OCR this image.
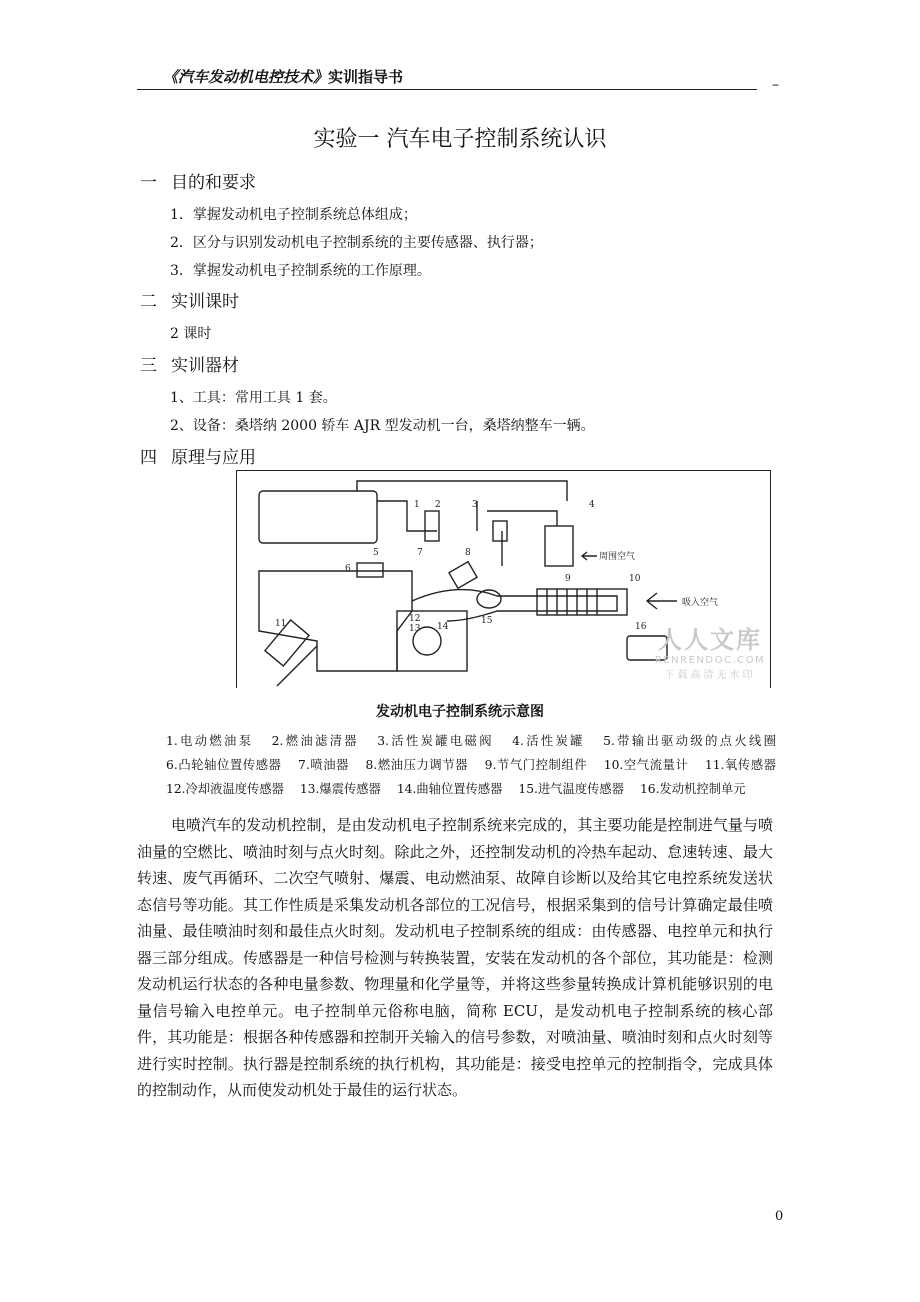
《汽车发动机电控技术》实训指导书	–
实验一 汽车电子控制系统认识
一 目的和要求
1．掌握发动机电子控制系统总体组成；
2．区分与识别发动机电子控制系统的主要传感器、执行器；
3．掌握发动机电子控制系统的工作原理。
二 实训课时
2 课时
三 实训器材
1、工具：常用工具 1 套。
2、设备：桑塔纳 2000 轿车 AJR 型发动机一台，桑塔纳整车一辆。
四 原理与应用
1 2	3	4
5
6
7	8
9	10
11	12
13 14
15
16
周围空气
吸入空气
人人文库
RENRENDOC.COM
下载高清无水印
发动机电子控制系统示意图
1.电动燃油泵 2.燃油滤清器 3.活性炭罐电磁阀 4.活性炭罐 5.带输出驱动级的点火线圈 6.凸轮轴位置传感器 7.喷油器 8.燃油压力调节器 9.节气门控制组件 10.空气流量计 11.氧传感器 12.冷却液温度传感器 13.爆震传感器 14.曲轴位置传感器 15.进气温度传感器 16.发动机控制单元
电喷汽车的发动机控制，是由发动机电子控制系统来完成的，其主要功能是控制进气量与喷油量的空燃比、喷油时刻与点火时刻。除此之外，还控制发动机的冷热车起动、怠速转速、最大转速、废气再循环、二次空气喷射、爆震、电动燃油泵、故障自诊断以及给其它电控系统发送状态信号等功能。其工作性质是采集发动机各部位的工况信号，根据采集到的信号计算确定最佳喷油量、最佳喷油时刻和最佳点火时刻。发动机电子控制系统的组成：由传感器、电控单元和执行器三部分组成。传感器是一种信号检测与转换装置，安装在发动机的各个部位，其功能是：检测发动机运行状态的各种电量参数、物理量和化学量等，并将这些参量转换成计算机能够识别的电量信号输入电控单元。电子控制单元俗称电脑，简称 ECU，是发动机电子控制系统的核心部件，其功能是：根据各种传感器和控制开关输入的信号参数，对喷油量、喷油时刻和点火时刻等进行实时控制。执行器是控制系统的执行机构，其功能是：接受电控单元的控制指令，完成具体的控制动作，从而使发动机处于最佳的运行状态。
0
